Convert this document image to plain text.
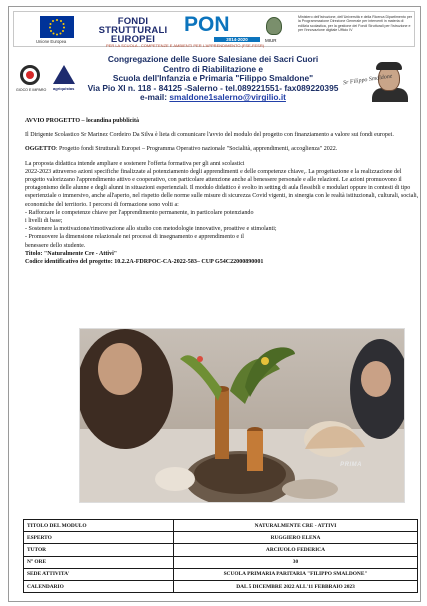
Unione Europea
FONDI
STRUTTURALI
EUROPEI
PON
2014-2020
PER LA SCUOLA - COMPETENZE E AMBIENTI PER L'APPRENDIMENTO (FSE-FESR)
MIUR
Ministero dell'Istruzione, dell'Università e della Ricerca Dipartimento per la Programmazione Direzione Generale per interventi in materia di edilizia scolastica, per la gestione dei Fondi Strutturali per l'istruzione e per l'innovazione digitale Ufficio IV
GIOCO E IMPARO agriquistas
Congregazione delle Suore Salesiane dei Sacri Cuori
Centro di Riabilitazione e
Scuola dell'Infanzia e Primaria "Filippo Smaldone"
Via Pio XI n. 118 - 84125 -Salerno - tel.089221551- fax089220395
e-mail: smaldone1salerno@virgilio.it
Sr Filippo Smaldone

AVVIO PROGETTO – locandina pubblicità

Il Dirigente Scolastico Sr Marinez Cordeiro Da Silva è lieta di comunicare l'avvio del modulo del progetto con finanziamento a valore sui fondi europei.

OGGETTO: Progetto fondi Strutturali Europei – Programma Operativo nazionale "Socialità, apprendimenti, accoglienza" 2022.

La proposta didattica intende ampliare e sostenere l'offerta formativa per gli anni scolastici

2022-2023 attraverso azioni specifiche finalizzate al potenziamento degli apprendimenti e delle competenze chiave,. La progettazione e la realizzazione del progetto valorizzano l'apprendimento attivo e cooperativo, con particolare attenzione anche al benessere personale e alle relazioni. Le azioni promuovono il

protagonismo delle alunne e degli alunni in situazioni esperienziali. Il modulo didattico è svolto in setting di aula flessibili e modulari oppure in contesti di tipo esperienziale o immersivo, anche all'aperto, nel rispetto delle norme sulle misure di sicurezza Covid vigenti, in sinergia con le realtà istituzionali, culturali, sociali, economiche del territorio. I percorsi di formazione sono volti a:

- Rafforzare le competenze chiave per l'apprendimento permanente, in particolare potenziando

i livelli di base;

- Sostenere la motivazione/rimotivazione allo studio con metodologie innovative, proattive e stimolanti;

- Promuovere la dimensione relazionale nei processi di insegnamento e apprendimento e il

benessere dello studente.

Titolo: "Naturalmente Cre - Attivi"

Codice identificativo del progetto: 10.2.2A-FDRPOC-CA-2022-583– CUP G54C22000890001

PRIMA
TITOLO DEL MODULO	NATURALMENTE CRE - ATTIVI
ESPERTO	RUGGIERO ELENA
TUTOR	ARCIUOLO FEDERICA
N° ORE	30
SEDE ATTIVITA'	SCUOLA PRIMARIA PARITARIA "FILIPPO SMALDONE"
CALENDARIO	DAL 5 DICEMBRE 2022 ALL'11 FEBBRAIO 2023
